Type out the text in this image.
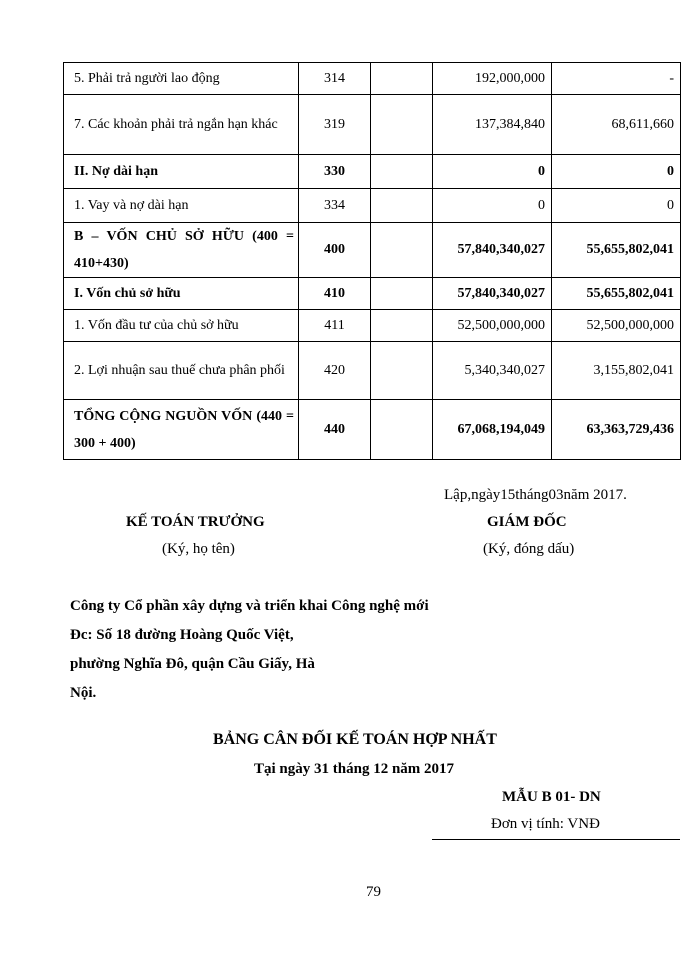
5. Phải trả người lao động	314		192,000,000	-
7. Các khoản phải trả ngắn hạn khác	319		137,384,840	68,611,660
II. Nợ dài hạn	330		0	0
1. Vay và nợ dài hạn	334		0	0
B – VỐN CHỦ SỞ HỮU (400 = 410+430)	400		57,840,340,027	55,655,802,041
I. Vốn chủ sở hữu	410		57,840,340,027	55,655,802,041
1. Vốn đầu tư của chủ sở hữu	411		52,500,000,000	52,500,000,000
2. Lợi nhuận sau thuế chưa phân phối	420		5,340,340,027	3,155,802,041
TỔNG CỘNG NGUỒN VỐN (440 = 300 + 400)	440		67,068,194,049	63,363,729,436
Lập,ngày15tháng03năm 2017.
KẾ TOÁN TRƯỞNG
(Ký, họ tên)
GIÁM ĐỐC
(Ký, đóng dấu)
Công ty Cổ phần xây dựng và triển khai Công nghệ mới
Đc: Số 18 đường Hoàng Quốc Việt,
phường Nghĩa Đô, quận Cầu Giấy, Hà
Nội.
BẢNG CÂN ĐỐI KẾ TOÁN HỢP NHẤT
Tại ngày 31 tháng 12 năm 2017
MẪU B 01- DN
Đơn vị tính: VNĐ
79
